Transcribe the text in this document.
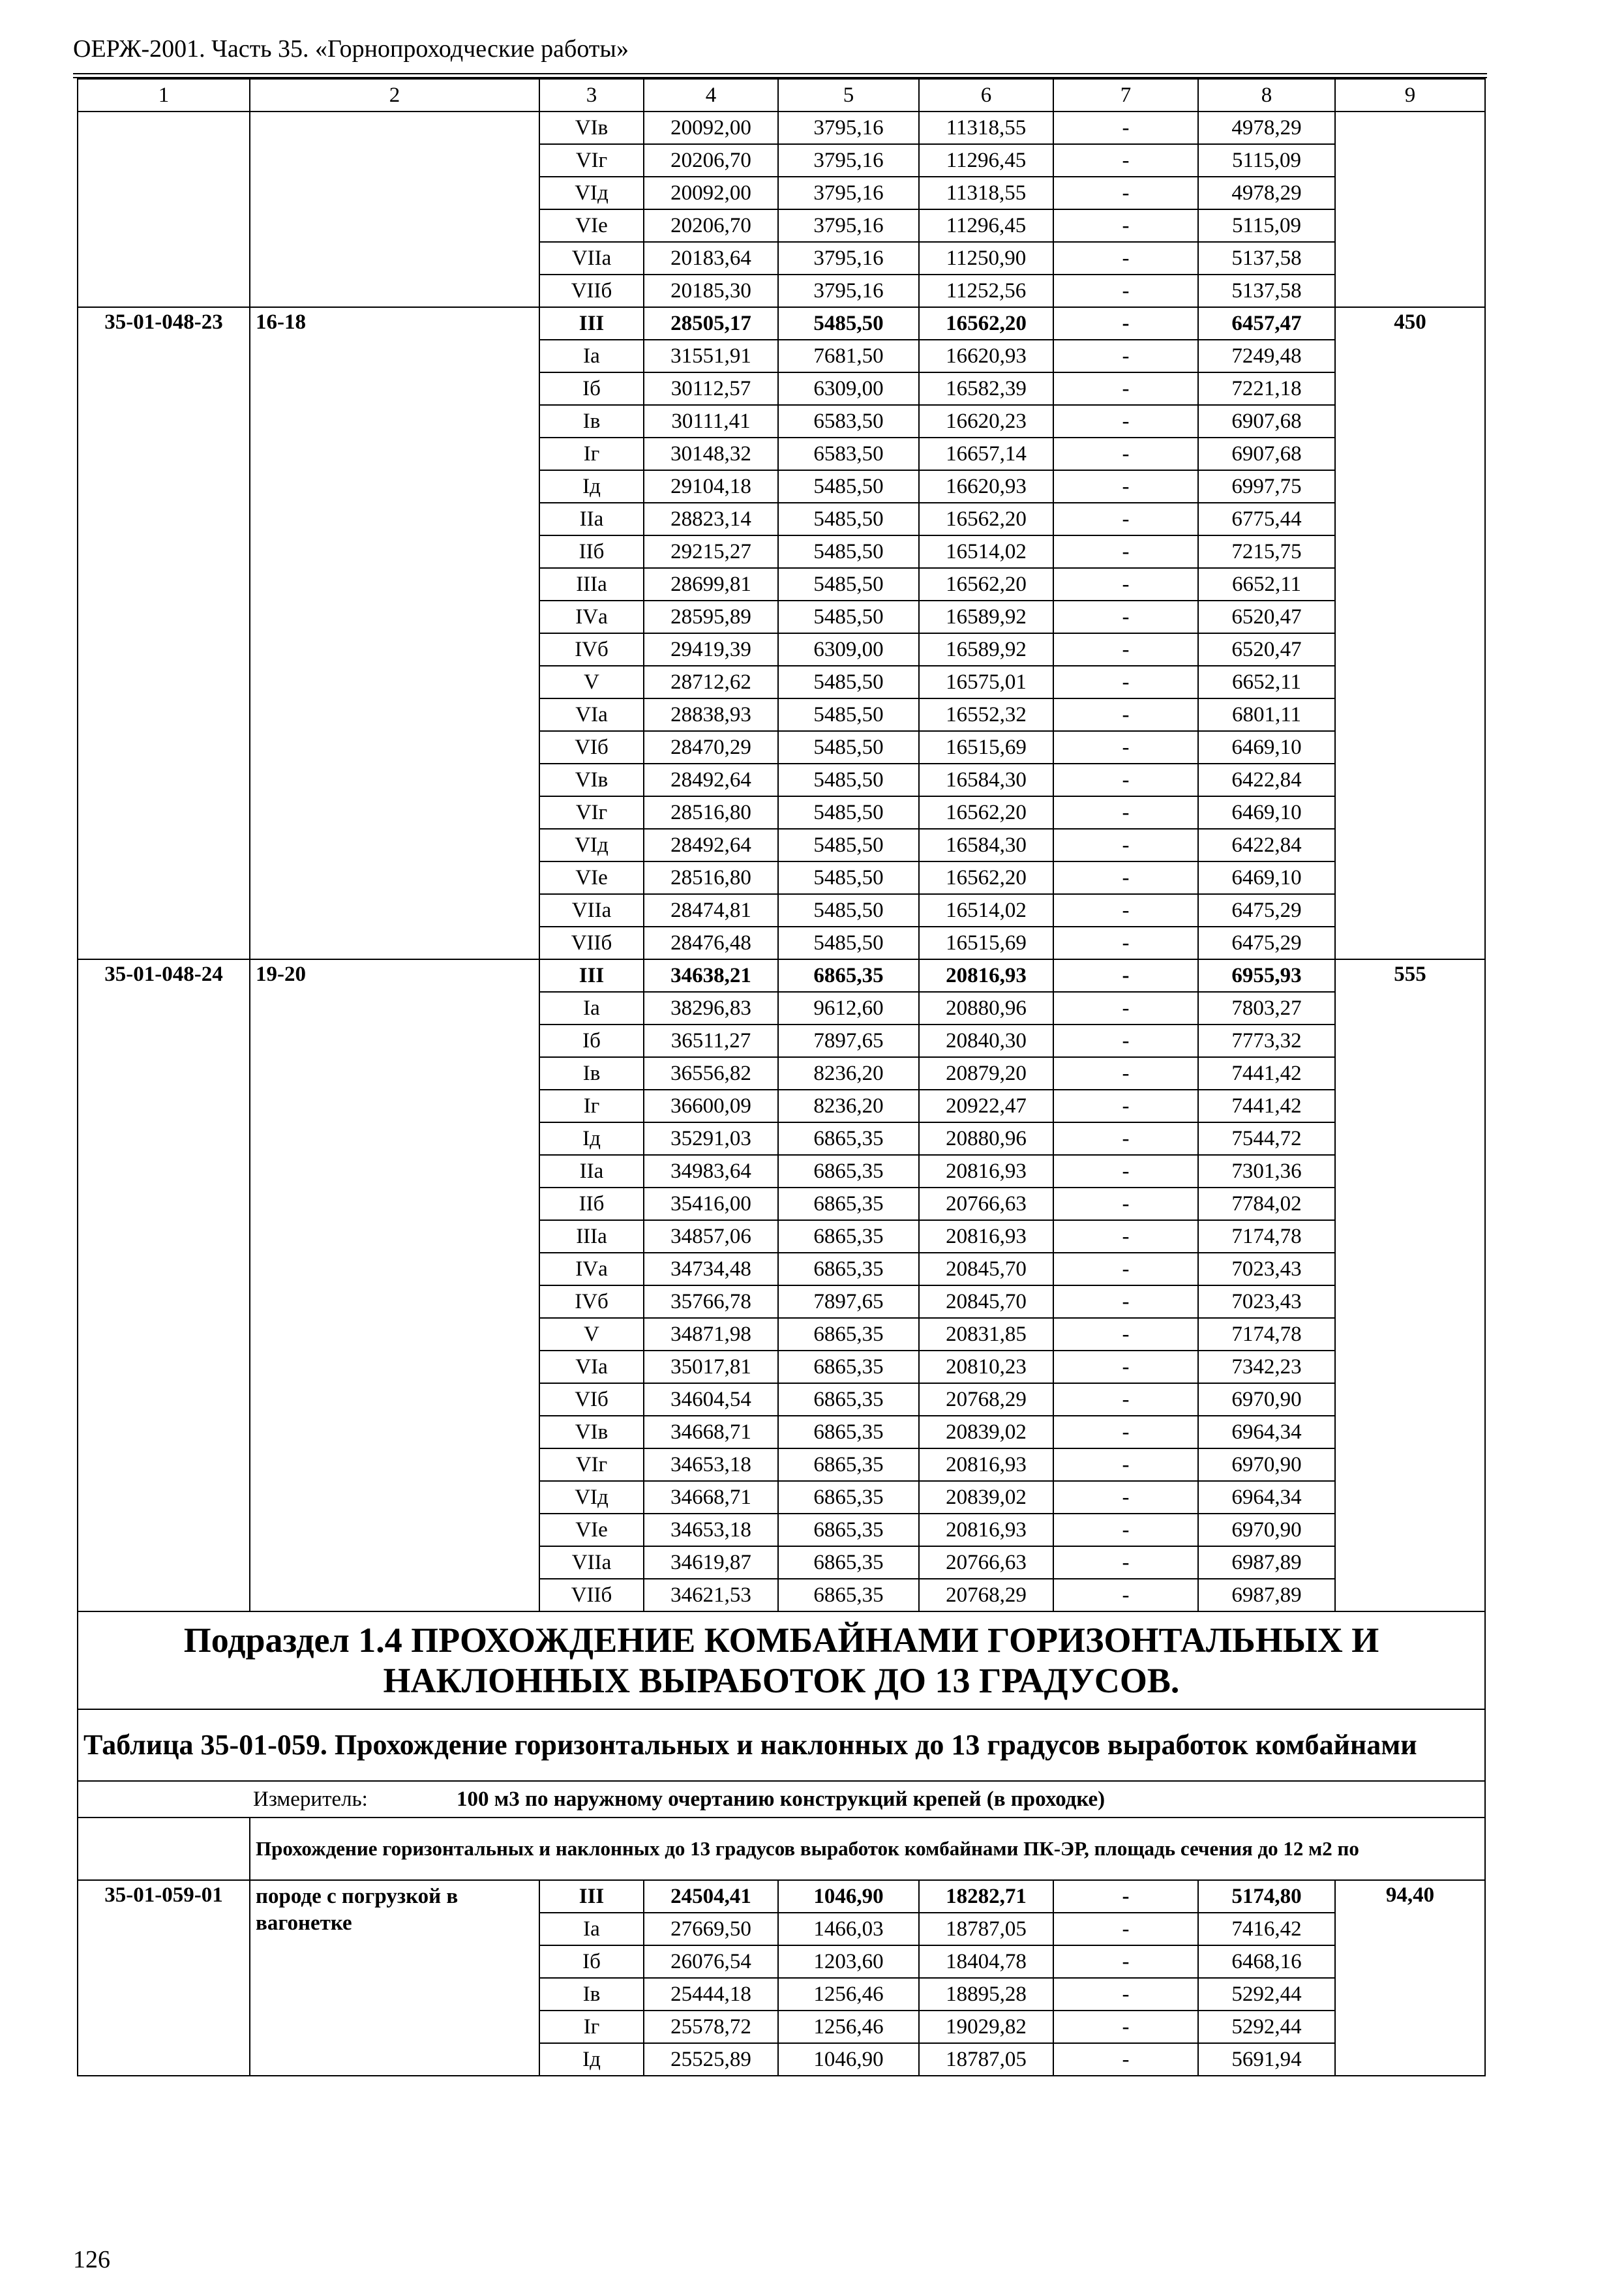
ОЕРЖ-2001. Часть 35. «Горнопроходческие работы»
1	2	3	4	5	6	7	8	9
		VIв	20092,00	3795,16	11318,55	-	4978,29	
		VIг	20206,70	3795,16	11296,45	-	5115,09	
		VIд	20092,00	3795,16	11318,55	-	4978,29	
		VIе	20206,70	3795,16	11296,45	-	5115,09	
		VIIа	20183,64	3795,16	11250,90	-	5137,58	
		VIIб	20185,30	3795,16	11252,56	-	5137,58	
35-01-048-23	16-18	III	28505,17	5485,50	16562,20	-	6457,47	450
		Iа	31551,91	7681,50	16620,93	-	7249,48	
		Iб	30112,57	6309,00	16582,39	-	7221,18	
		Iв	30111,41	6583,50	16620,23	-	6907,68	
		Iг	30148,32	6583,50	16657,14	-	6907,68	
		Iд	29104,18	5485,50	16620,93	-	6997,75	
		IIа	28823,14	5485,50	16562,20	-	6775,44	
		IIб	29215,27	5485,50	16514,02	-	7215,75	
		IIIа	28699,81	5485,50	16562,20	-	6652,11	
		IVа	28595,89	5485,50	16589,92	-	6520,47	
		IVб	29419,39	6309,00	16589,92	-	6520,47	
		V	28712,62	5485,50	16575,01	-	6652,11	
		VIа	28838,93	5485,50	16552,32	-	6801,11	
		VIб	28470,29	5485,50	16515,69	-	6469,10	
		VIв	28492,64	5485,50	16584,30	-	6422,84	
		VIг	28516,80	5485,50	16562,20	-	6469,10	
		VIд	28492,64	5485,50	16584,30	-	6422,84	
		VIе	28516,80	5485,50	16562,20	-	6469,10	
		VIIа	28474,81	5485,50	16514,02	-	6475,29	
		VIIб	28476,48	5485,50	16515,69	-	6475,29	
35-01-048-24	19-20	III	34638,21	6865,35	20816,93	-	6955,93	555
		Iа	38296,83	9612,60	20880,96	-	7803,27	
		Iб	36511,27	7897,65	20840,30	-	7773,32	
		Iв	36556,82	8236,20	20879,20	-	7441,42	
		Iг	36600,09	8236,20	20922,47	-	7441,42	
		Iд	35291,03	6865,35	20880,96	-	7544,72	
		IIа	34983,64	6865,35	20816,93	-	7301,36	
		IIб	35416,00	6865,35	20766,63	-	7784,02	
		IIIа	34857,06	6865,35	20816,93	-	7174,78	
		IVа	34734,48	6865,35	20845,70	-	7023,43	
		IVб	35766,78	7897,65	20845,70	-	7023,43	
		V	34871,98	6865,35	20831,85	-	7174,78	
		VIа	35017,81	6865,35	20810,23	-	7342,23	
		VIб	34604,54	6865,35	20768,29	-	6970,90	
		VIв	34668,71	6865,35	20839,02	-	6964,34	
		VIг	34653,18	6865,35	20816,93	-	6970,90	
		VIд	34668,71	6865,35	20839,02	-	6964,34	
		VIе	34653,18	6865,35	20816,93	-	6970,90	
		VIIа	34619,87	6865,35	20766,63	-	6987,89	
		VIIб	34621,53	6865,35	20768,29	-	6987,89	
Подраздел 1.4 ПРОХОЖДЕНИЕ КОМБАЙНАМИ ГОРИЗОНТАЛЬНЫХ И НАКЛОННЫХ ВЫРАБОТОК ДО 13 ГРАДУСОВ.								
Таблица 35-01-059. Прохождение горизонтальных и наклонных до 13 градусов выработок комбайнами								
Измеритель: 100 м3 по наружному очертанию конструкций крепей (в проходке)								
	Прохождение горизонтальных и наклонных до 13 градусов выработок комбайнами ПК-ЭР, площадь сечения до 12 м2 по							
35-01-059-01	породе с погрузкой в вагонетке	III	24504,41	1046,90	18282,71	-	5174,80	94,40
		Iа	27669,50	1466,03	18787,05	-	7416,42	
		Iб	26076,54	1203,60	18404,78	-	6468,16	
		Iв	25444,18	1256,46	18895,28	-	5292,44	
		Iг	25578,72	1256,46	19029,82	-	5292,44	
		Iд	25525,89	1046,90	18787,05	-	5691,94	
126
